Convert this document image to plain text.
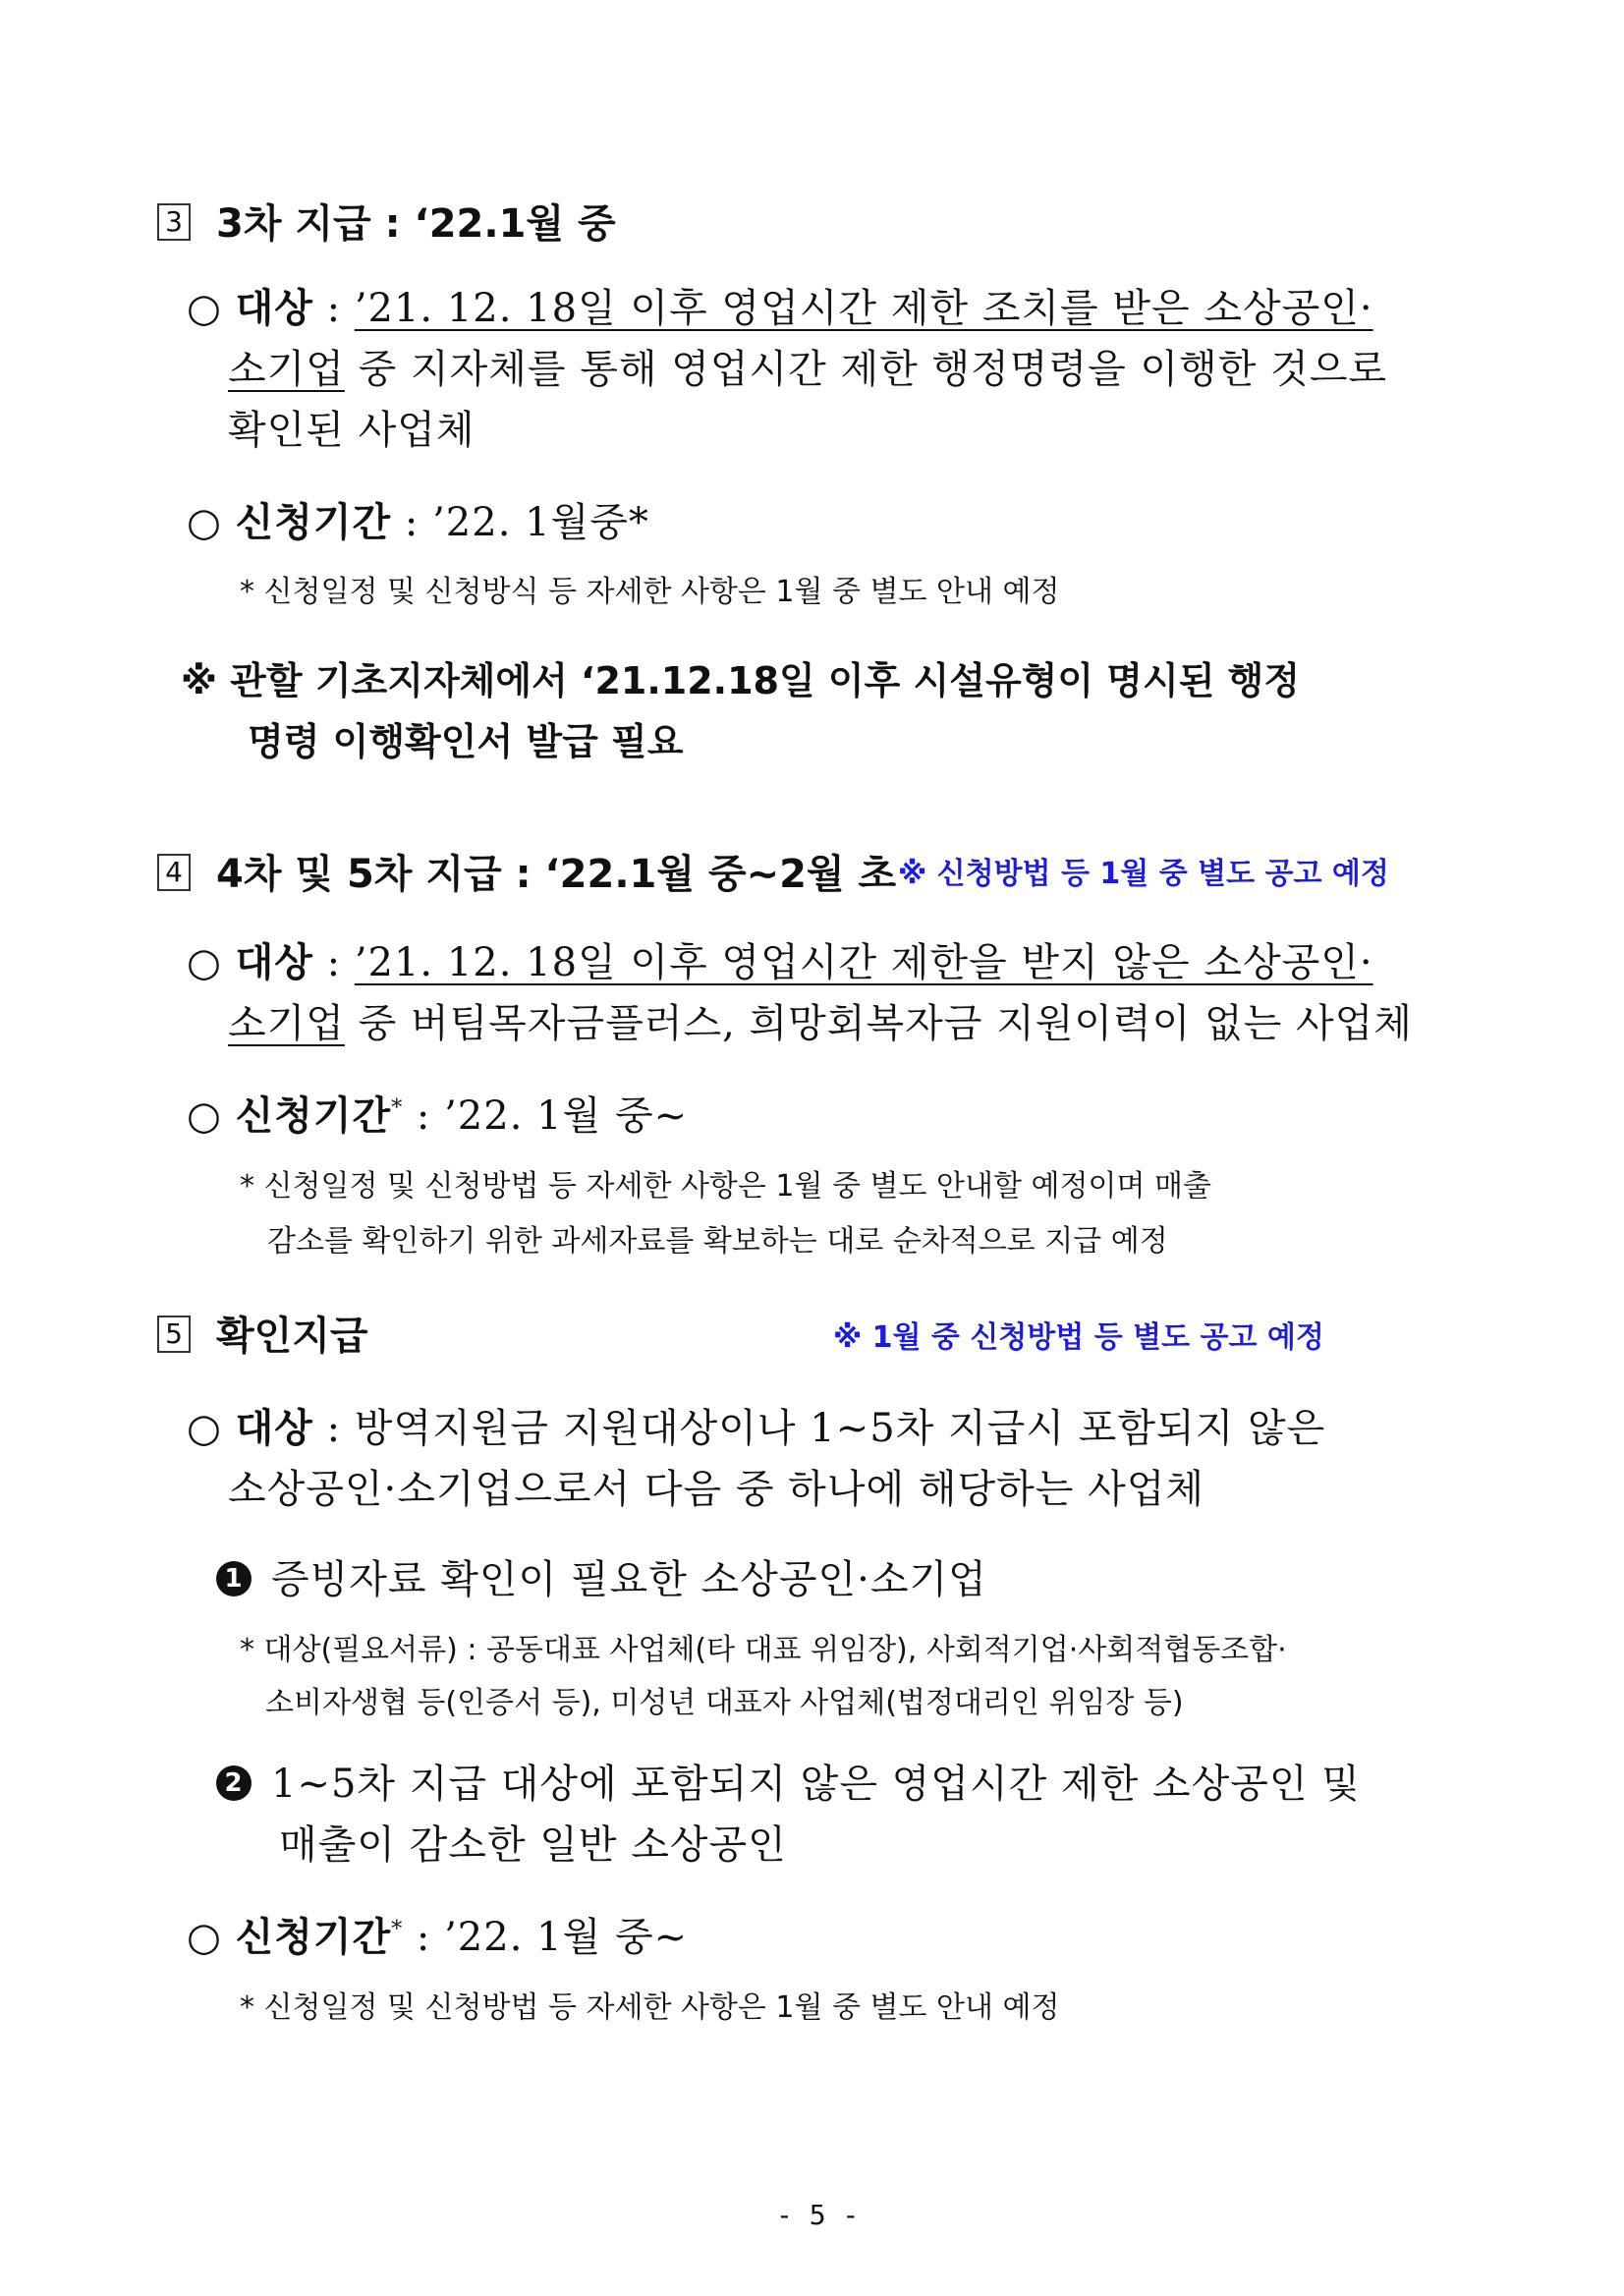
3 3차 지급 : ‘22.1월 중
○ 대상 : ’21. 12. 18일 이후 영업시간 제한 조치를 받은 소상공인·
소기업 중 지자체를 통해 영업시간 제한 행정명령을 이행한 것으로
확인된 사업체
○ 신청기간 : ’22. 1월중*
* 신청일정 및 신청방식 등 자세한 사항은 1월 중 별도 안내 예정
※ 관할 기초지자체에서 ‘21.12.18일 이후 시설유형이 명시된 행정
명령 이행확인서 발급 필요
4 4차 및 5차 지급 : ‘22.1월 중~2월 초 ※ 신청방법 등 1월 중 별도 공고 예정
○ 대상 : ’21. 12. 18일 이후 영업시간 제한을 받지 않은 소상공인·
소기업 중 버팀목자금플러스, 희망회복자금 지원이력이 없는 사업체
○ 신청기간* : ’22. 1월 중~
* 신청일정 및 신청방법 등 자세한 사항은 1월 중 별도 안내할 예정이며 매출
감소를 확인하기 위한 과세자료를 확보하는 대로 순차적으로 지급 예정
5 확인지급	※ 1월 중 신청방법 등 별도 공고 예정
○ 대상 : 방역지원금 지원대상이나 1~5차 지급시 포함되지 않은
소상공인·소기업으로서 다음 중 하나에 해당하는 사업체
1 증빙자료 확인이 필요한 소상공인·소기업
* 대상(필요서류) : 공동대표 사업체(타 대표 위임장), 사회적기업·사회적협동조합·
소비자생협 등(인증서 등), 미성년 대표자 사업체(법정대리인 위임장 등)
2 1~5차 지급 대상에 포함되지 않은 영업시간 제한 소상공인 및
매출이 감소한 일반 소상공인
○ 신청기간* : ’22. 1월 중~
* 신청일정 및 신청방법 등 자세한 사항은 1월 중 별도 안내 예정
- 5 -
